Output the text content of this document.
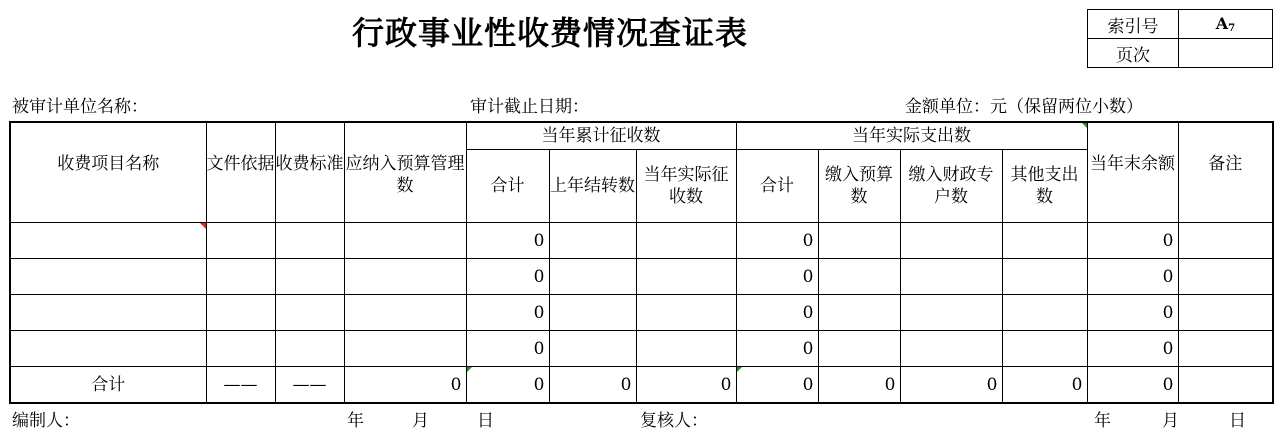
行政事业性收费情况查证表	索引号	$A_7$
页次	
被审计单位名称：	审计截止日期：	金额单位：元（保留两位小数）
收费项目名称	文件依据	收费标准	应纳入预算管理数	当年累计征收数			当年实际支出数				当年末余额	备注
				合计	上年结转数	当年实际征收数	合计	缴入预算数	缴入财政专户数	其他支出数		
				0			0				0	
				0			0				0	
				0			0				0	
				0			0				0	
合计	——	——	0	0	0	0	0	0	0	0	0	
编制人：	年	月	日	复核人：	年	月	日
